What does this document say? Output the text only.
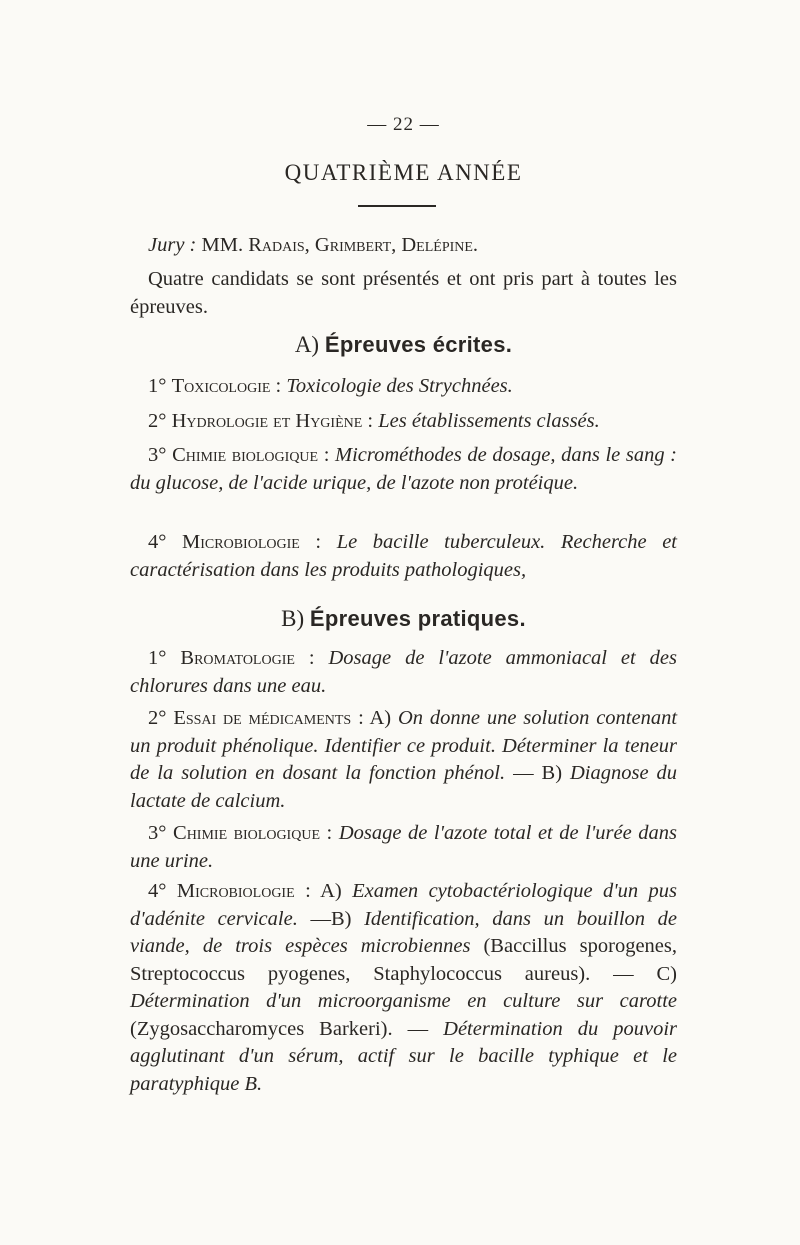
— 22 —
QUATRIÈME ANNÉE
Jury : MM. Radais, Grimbert, Delépine.
Quatre candidats se sont présentés et ont pris part à toutes les épreuves.
A) Épreuves écrites.
1° Toxicologie : Toxicologie des Strychnées.
2° Hydrologie et Hygiène : Les établissements classés.
3° Chimie biologique : Microméthodes de dosage, dans le sang : du glucose, de l'acide urique, de l'azote non protéique.
4° Microbiologie : Le bacille tuberculeux. Recherche et caractérisation dans les produits pathologiques,
B) Épreuves pratiques.
1° Bromatologie : Dosage de l'azote ammoniacal et des chlorures dans une eau.
2° Essai de médicaments : A) On donne une solution contenant un produit phénolique. Identifier ce produit. Déterminer la teneur de la solution en dosant la fonction phénol. — B) Diagnose du lactate de calcium.
3° Chimie biologique : Dosage de l'azote total et de l'urée dans une urine.
4° Microbiologie : A) Examen cytobactériologique d'un pus d'adénite cervicale. —B) Identification, dans un bouillon de viande, de trois espèces microbiennes (Baccillus sporogenes, Streptococcus pyogenes, Staphylococcus aureus). — C) Détermination d'un microorganisme en culture sur carotte (Zygosaccharomyces Barkeri). — Détermination du pouvoir agglutinant d'un sérum, actif sur le bacille typhique et le paratyphique B.
